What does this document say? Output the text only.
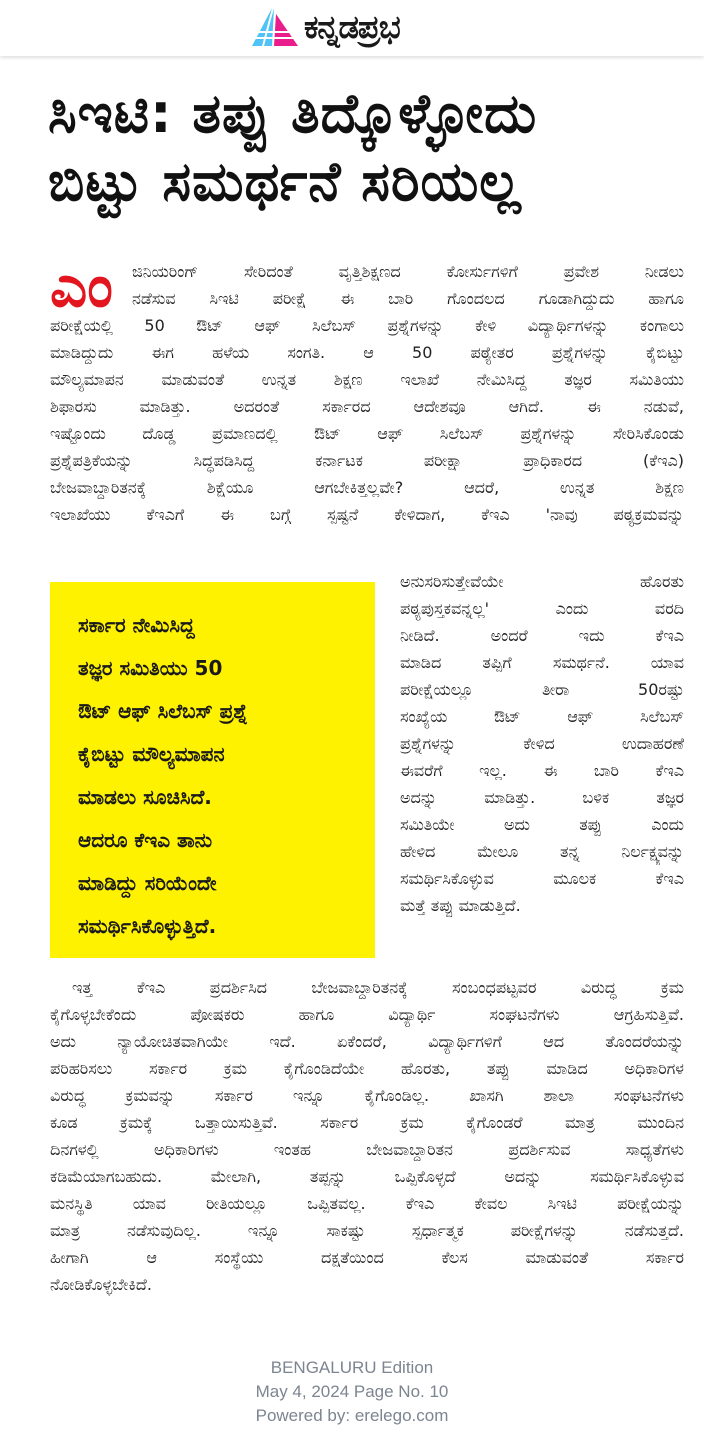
ಕನ್ನಡಪ್ರಭ
ಸಿಇಟಿ: ತಪ್ಪು ತಿದ್ಕೊಳ್ಳೋದು
ಬಿಟ್ಟು ಸಮರ್ಥನೆ ಸರಿಯಲ್ಲ
ಎಂ ಜಿನಿಯರಿಂಗ್ ಸೇರಿದಂತೆ ವೃತ್ತಿಶಿಕ್ಷಣದ ಕೋರ್ಸುಗಳಿಗೆ ಪ್ರವೇಶ ನೀಡಲು
ನಡೆಸುವ ಸಿಇಟಿ ಪರೀಕ್ಷೆ ಈ ಬಾರಿ ಗೊಂದಲದ ಗೂಡಾಗಿದ್ದುದು ಹಾಗೂ
ಪರೀಕ್ಷೆಯಲ್ಲಿ 50 ಔಟ್ ಆಫ್ ಸಿಲೆಬಸ್ ಪ್ರಶ್ನೆಗಳನ್ನು ಕೇಳಿ ವಿದ್ಯಾರ್ಥಿಗಳನ್ನು ಕಂಗಾಲು
ಮಾಡಿದ್ದುದು ಈಗ ಹಳೆಯ ಸಂಗತಿ. ಆ 50 ಪಠ್ಯೇತರ ಪ್ರಶ್ನೆಗಳನ್ನು ಕೈಬಿಟ್ಟು
ಮೌಲ್ಯಮಾಪನ ಮಾಡುವಂತೆ ಉನ್ನತ ಶಿಕ್ಷಣ ಇಲಾಖೆ ನೇಮಿಸಿದ್ದ ತಜ್ಞರ ಸಮಿತಿಯು
ಶಿಫಾರಸು ಮಾಡಿತ್ತು. ಅದರಂತೆ ಸರ್ಕಾರದ ಆದೇಶವೂ ಆಗಿದೆ. ಈ ನಡುವೆ,
ಇಷ್ಟೊಂದು ದೊಡ್ಡ ಪ್ರಮಾಣದಲ್ಲಿ ಔಟ್ ಆಫ್ ಸಿಲೆಬಸ್ ಪ್ರಶ್ನೆಗಳನ್ನು ಸೇರಿಸಿಕೊಂಡು
ಪ್ರಶ್ನೆಪತ್ರಿಕೆಯನ್ನು ಸಿದ್ಧಪಡಿಸಿದ್ದ ಕರ್ನಾಟಕ ಪರೀಕ್ಷಾ ಪ್ರಾಧಿಕಾರದ (ಕೆಇಎ)
ಬೇಜವಾಬ್ದಾರಿತನಕ್ಕೆ ಶಿಕ್ಷೆಯೂ ಆಗಬೇಕಿತ್ತಲ್ಲವೇ? ಆದರೆ, ಉನ್ನತ ಶಿಕ್ಷಣ
ಇಲಾಖೆಯು ಕೆಇಎಗೆ ಈ ಬಗ್ಗೆ ಸ್ಪಷ್ಟನೆ ಕೇಳಿದಾಗ, ಕೆಇಎ 'ನಾವು ಪಠ್ಯಕ್ರಮವನ್ನು
ಸರ್ಕಾರ ನೇಮಿಸಿದ್ದ
ತಜ್ಞರ ಸಮಿತಿಯು 50
ಔಟ್ ಆಫ್ ಸಿಲೆಬಸ್ ಪ್ರಶ್ನೆ
ಕೈಬಿಟ್ಟು ಮೌಲ್ಯಮಾಪನ
ಮಾಡಲು ಸೂಚಿಸಿದೆ.
ಆದರೂ ಕೆಇಎ ತಾನು
ಮಾಡಿದ್ದು ಸರಿಯೆಂದೇ
ಸಮರ್ಥಿಸಿಕೊಳ್ಳುತ್ತಿದೆ.
ಅನುಸರಿಸುತ್ತೇವೆಯೇ ಹೊರತು
ಪಠ್ಯಪುಸ್ತಕವನ್ನಲ್ಲ' ಎಂದು ವರದಿ
ನೀಡಿದೆ. ಅಂದರೆ ಇದು ಕೆಇಎ
ಮಾಡಿದ ತಪ್ಪಿಗೆ ಸಮರ್ಥನೆ. ಯಾವ
ಪರೀಕ್ಷೆಯಲ್ಲೂ ತೀರಾ 50ರಷ್ಟು
ಸಂಖ್ಯೆಯ ಔಟ್ ಆಫ್ ಸಿಲೆಬಸ್
ಪ್ರಶ್ನೆಗಳನ್ನು ಕೇಳಿದ ಉದಾಹರಣೆ
ಈವರೆಗೆ ಇಲ್ಲ. ಈ ಬಾರಿ ಕೆಇಎ
ಅದನ್ನು ಮಾಡಿತ್ತು. ಬಳಿಕ ತಜ್ಞರ
ಸಮಿತಿಯೇ ಅದು ತಪ್ಪು ಎಂದು
ಹೇಳಿದ ಮೇಲೂ ತನ್ನ ನಿರ್ಲಕ್ಷ್ಯವನ್ನು
ಸಮರ್ಥಿಸಿಕೊಳ್ಳುವ ಮೂಲಕ ಕೆಇಎ
ಮತ್ತೆ ತಪ್ಪು ಮಾಡುತ್ತಿದೆ.
ಇತ್ತ ಕೆಇಎ ಪ್ರದರ್ಶಿಸಿದ ಬೇಜವಾಬ್ದಾರಿತನಕ್ಕೆ ಸಂಬಂಧಪಟ್ಟವರ ವಿರುದ್ಧ ಕ್ರಮ
ಕೈಗೊಳ್ಳಬೇಕೆಂದು ಪೋಷಕರು ಹಾಗೂ ವಿದ್ಯಾರ್ಥಿ ಸಂಘಟನೆಗಳು ಆಗ್ರಹಿಸುತ್ತಿವೆ.
ಅದು ನ್ಯಾಯೋಚಿತವಾಗಿಯೇ ಇದೆ. ಏಕೆಂದರೆ, ವಿದ್ಯಾರ್ಥಿಗಳಿಗೆ ಆದ ತೊಂದರೆಯನ್ನು
ಪರಿಹರಿಸಲು ಸರ್ಕಾರ ಕ್ರಮ ಕೈಗೊಂಡಿದೆಯೇ ಹೊರತು, ತಪ್ಪು ಮಾಡಿದ ಅಧಿಕಾರಿಗಳ
ವಿರುದ್ಧ ಕ್ರಮವನ್ನು ಸರ್ಕಾರ ಇನ್ನೂ ಕೈಗೊಂಡಿಲ್ಲ. ಖಾಸಗಿ ಶಾಲಾ ಸಂಘಟನೆಗಳು
ಕೂಡ ಕ್ರಮಕ್ಕೆ ಒತ್ತಾಯಿಸುತ್ತಿವೆ. ಸರ್ಕಾರ ಕ್ರಮ ಕೈಗೊಂಡರೆ ಮಾತ್ರ ಮುಂದಿನ
ದಿನಗಳಲ್ಲಿ ಅಧಿಕಾರಿಗಳು ಇಂತಹ ಬೇಜವಾಬ್ದಾರಿತನ ಪ್ರದರ್ಶಿಸುವ ಸಾಧ್ಯತೆಗಳು
ಕಡಿಮೆಯಾಗಬಹುದು. ಮೇಲಾಗಿ, ತಪ್ಪನ್ನು ಒಪ್ಪಿಕೊಳ್ಳದೆ ಅದನ್ನು ಸಮರ್ಥಿಸಿಕೊಳ್ಳುವ
ಮನಸ್ಥಿತಿ ಯಾವ ರೀತಿಯಲ್ಲೂ ಒಪ್ಪಿತವಲ್ಲ. ಕೆಇಎ ಕೇವಲ ಸಿಇಟಿ ಪರೀಕ್ಷೆಯನ್ನು
ಮಾತ್ರ ನಡೆಸುವುದಿಲ್ಲ. ಇನ್ನೂ ಸಾಕಷ್ಟು ಸ್ಪರ್ಧಾತ್ಮಕ ಪರೀಕ್ಷೆಗಳನ್ನು ನಡೆಸುತ್ತದೆ.
ಹೀಗಾಗಿ ಆ ಸಂಸ್ಥೆಯು ದಕ್ಷತೆಯಿಂದ ಕೆಲಸ ಮಾಡುವಂತೆ ಸರ್ಕಾರ
ನೋಡಿಕೊಳ್ಳಬೇಕಿದೆ.
BENGALURU Edition
May 4, 2024 Page No. 10
Powered by: erelego.com
